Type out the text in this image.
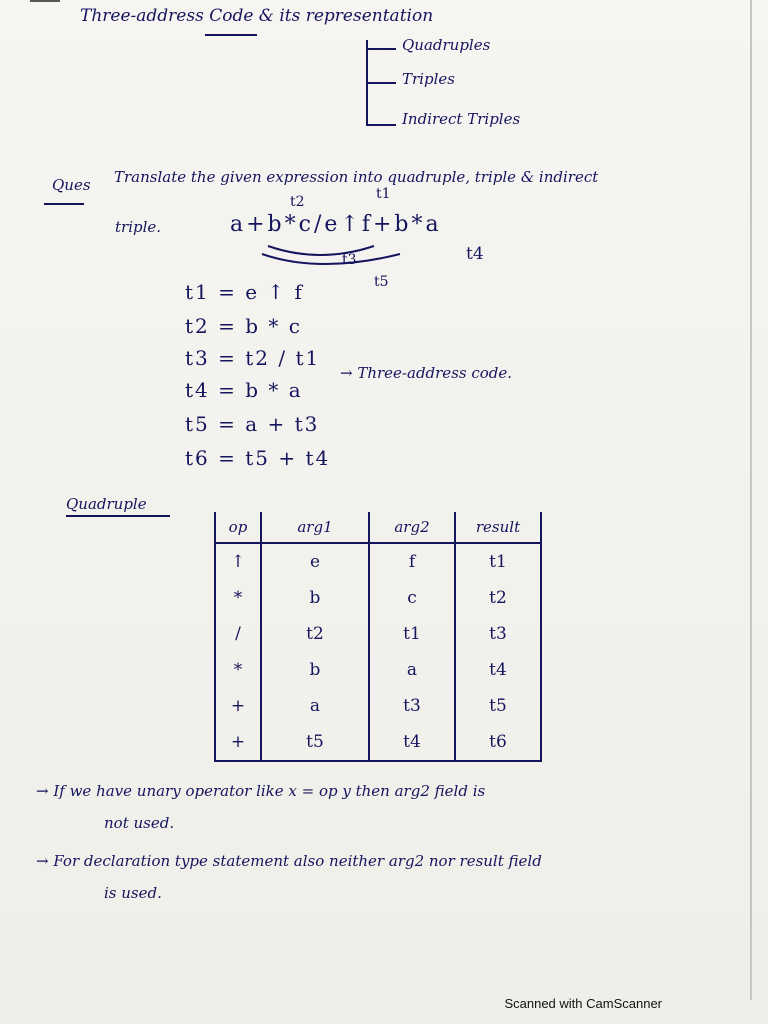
Three-address Code & its representation
Quadruples
Triples
Indirect Triples
Ques Translate the given expression into quadruple, triple & indirect
triple.
t2	t1
a+b*c/e↑f+b*a
t3	t4
t5
t1 = e ↑ f
t2 = b * c
t3 = t2 / t1
t4 = b * a
t5 = a + t3
t6 = t5 + t4
→ Three-address code.
Quadruple
op	arg1	arg2	result
↑	e	f	t1
*	b	c	t2
/	t2	t1	t3
*	b	a	t4
+	a	t3	t5
+	t5	t4	t6
→ If we have unary operator like x = op y then arg2 field is
not used.
→ For declaration type statement also neither arg2 nor result field
is used.
Scanned with CamScanner
